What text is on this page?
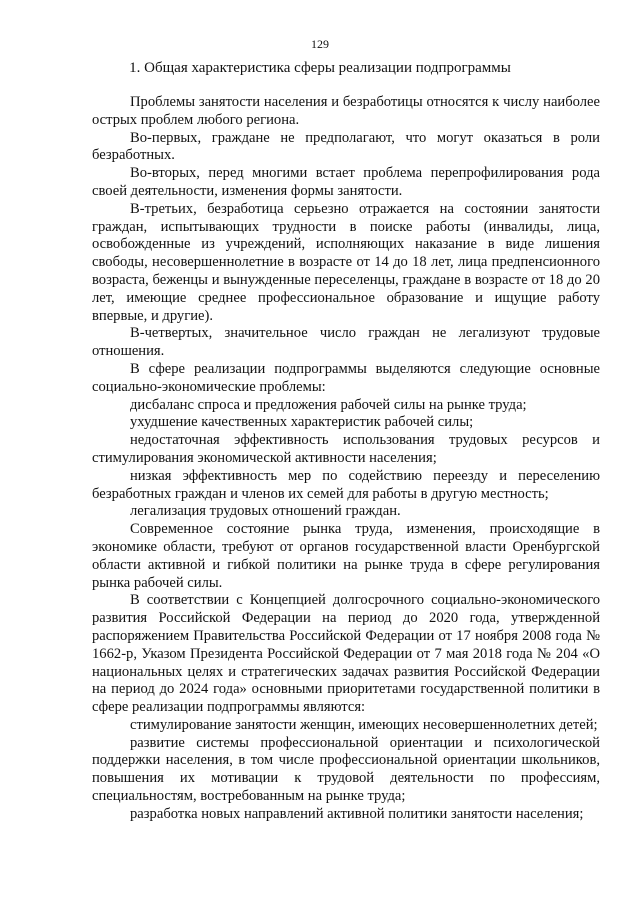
129
1. Общая характеристика сферы реализации подпрограммы

Проблемы занятости населения и безработицы относятся к числу наиболее острых проблем любого региона.

Во-первых, граждане не предполагают, что могут оказаться в роли безработных.

Во-вторых, перед многими встает проблема перепрофилирования рода своей деятельности, изменения формы занятости.

В-третьих, безработица серьезно отражается на состоянии занятости граждан, испытывающих трудности в поиске работы (инвалиды, лица, освобожденные из учреждений, исполняющих наказание в виде лишения свободы, несовершеннолетние в возрасте от 14 до 18 лет, лица предпенсионного возраста, беженцы и вынужденные переселенцы, граждане в возрасте от 18 до 20 лет, имеющие среднее профессиональное образование и ищущие работу впервые, и другие).

В-четвертых, значительное число граждан не легализуют трудовые отношения.

В сфере реализации подпрограммы выделяются следующие основные социально-экономические проблемы:

дисбаланс спроса и предложения рабочей силы на рынке труда;

ухудшение качественных характеристик рабочей силы;

недостаточная эффективность использования трудовых ресурсов и стимулирования экономической активности населения;

низкая эффективность мер по содействию переезду и переселению безработных граждан и членов их семей для работы в другую местность;

легализация трудовых отношений граждан.

Современное состояние рынка труда, изменения, происходящие в экономике области, требуют от органов государственной власти Оренбургской области активной и гибкой политики на рынке труда в сфере регулирования рынка рабочей силы.

В соответствии с Концепцией долгосрочного социально-экономического развития Российской Федерации на период до 2020 года, утвержденной распоряжением Правительства Российской Федерации от 17 ноября 2008 года № 1662-р, Указом Президента Российской Федерации от 7 мая 2018 года № 204 «О национальных целях и стратегических задачах развития Российской Федерации на период до 2024 года» основными приоритетами государственной политики в сфере реализации подпрограммы являются:

стимулирование занятости женщин, имеющих несовершеннолетних детей;

развитие системы профессиональной ориентации и психологической поддержки населения, в том числе профессиональной ориентации школьников, повышения их мотивации к трудовой деятельности по профессиям, специальностям, востребованным на рынке труда;

разработка новых направлений активной политики занятости населения;
